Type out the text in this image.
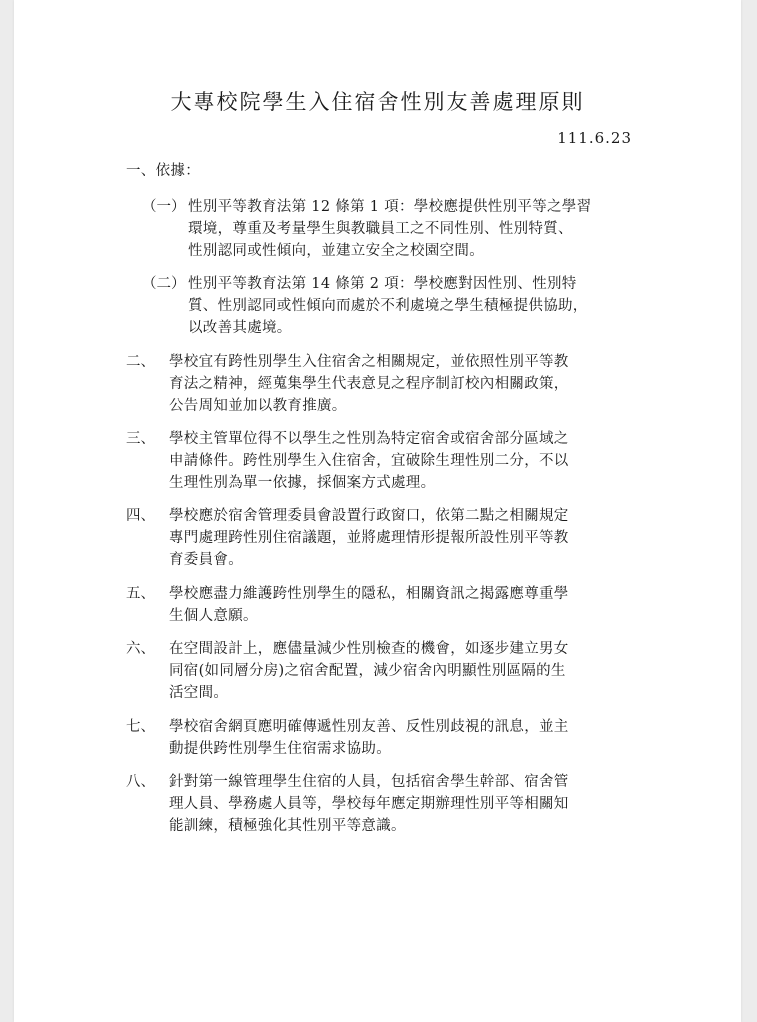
大專校院學生入住宿舍性別友善處理原則
111.6.23
一、依據：
（一） 性別平等教育法第 12 條第 1 項：學校應提供性別平等之學習
環境，尊重及考量學生與教職員工之不同性別、性別特質、
性別認同或性傾向，並建立安全之校園空間。
（二） 性別平等教育法第 14 條第 2 項：學校應對因性別、性別特
質、性別認同或性傾向而處於不利處境之學生積極提供協助，
以改善其處境。
二、 學校宜有跨性別學生入住宿舍之相關規定，並依照性別平等教
育法之精神，經蒐集學生代表意見之程序制訂校內相關政策，
公告周知並加以教育推廣。
三、 學校主管單位得不以學生之性別為特定宿舍或宿舍部分區域之
申請條件。跨性別學生入住宿舍，宜破除生理性別二分，不以
生理性別為單一依據，採個案方式處理。
四、 學校應於宿舍管理委員會設置行政窗口，依第二點之相關規定
專門處理跨性別住宿議題，並將處理情形提報所設性別平等教
育委員會。
五、 學校應盡力維護跨性別學生的隱私，相關資訊之揭露應尊重學
生個人意願。
六、 在空間設計上，應儘量減少性別檢查的機會，如逐步建立男女
同宿(如同層分房)之宿舍配置，減少宿舍內明顯性別區隔的生
活空間。
七、 學校宿舍網頁應明確傳遞性別友善、反性別歧視的訊息，並主
動提供跨性別學生住宿需求協助。
八、 針對第一線管理學生住宿的人員，包括宿舍學生幹部、宿舍管
理人員、學務處人員等，學校每年應定期辦理性別平等相關知
能訓練，積極強化其性別平等意識。
